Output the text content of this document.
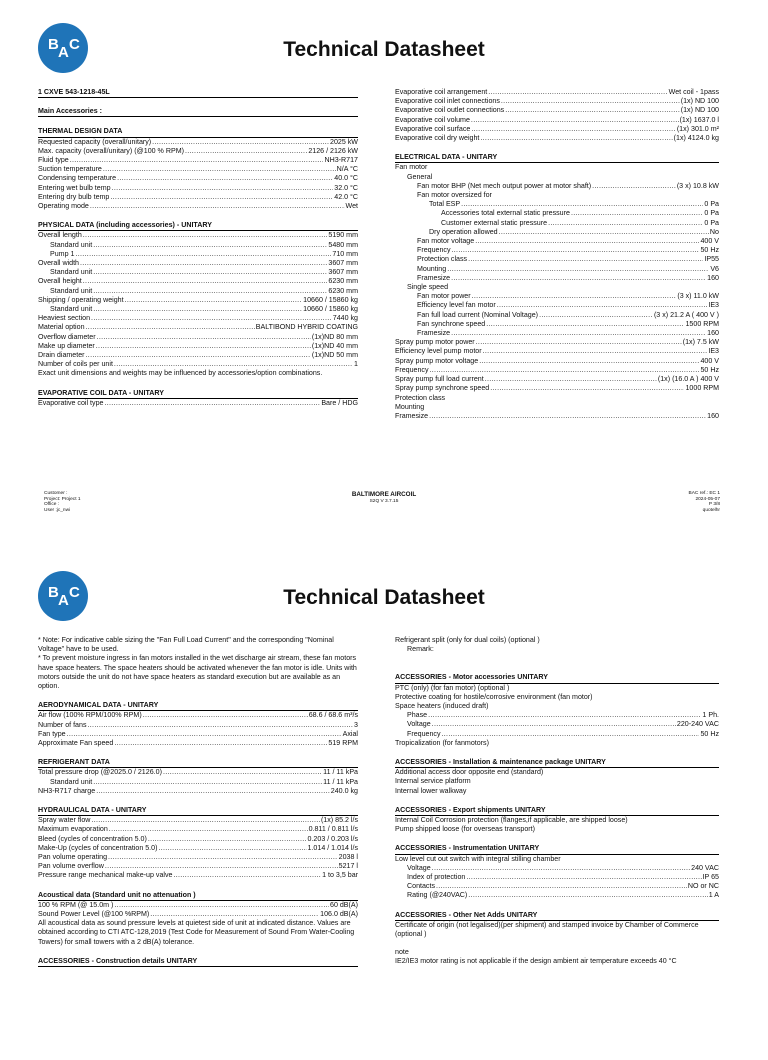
B A C	Technical Datasheet
1 CXVE 543-1218-45L
Main Accessories :
THERMAL DESIGN DATA
Requested capacity (overall/unitary) .....	2025 kW
Max. capacity (overall/unitary) (@100 % RPM) .....	2126 / 2126 kW
Fluid type .....	NH3-R717
Suction temperature .....	N/A °C
Condensing temperature .....	40.0 °C
Entering wet bulb temp .....	32.0 °C
Entering dry bulb temp .....	42.0 °C
Operating mode .....	Wet
PHYSICAL DATA (including accessories) - UNITARY
Overall length .....	5190 mm
Standard unit .....	5480 mm
Pump 1 .....	710 mm
Overall width .....	3607 mm
Standard unit .....	3607 mm
Overall height .....	6230 mm
Standard unit .....	6230 mm
Shipping / operating weight .....	10660 / 15860 kg
Standard unit .....	10660 / 15860 kg
Heaviest section .....	7440 kg
Material option .....	BALTIBOND HYBRID COATING
Overflow diameter .....	(1x)ND 80 mm
Make up diameter .....	(1x)ND 40 mm
Drain diameter .....	(1x)ND 50 mm
Number of coils per unit .....	1
Exact unit dimensions and weights may be influenced by accessories/option combinations.
EVAPORATIVE COIL DATA - UNITARY
Evaporative coil type .....	Bare / HDG
Evaporative coil arrangement .....	Wet coil - 1pass
Evaporative coil inlet connections .....	(1x) ND 100
Evaporative coil outlet connections .....	(1x) ND 100
Evaporative coil volume .....	(1x) 1637.0 l
Evaporative coil surface .....	(1x) 301.0 m²
Evaporative coil dry weight .....	(1x) 4124.0 kg
ELECTRICAL DATA - UNITARY
Fan motor
General
Fan motor BHP (Net mech output power at motor shaft) .....	(3 x) 10.8 kW
Fan motor oversized for
Total ESP .....	0 Pa
Accessories total external static pressure .....	0 Pa
Customer external static pressure .....	0 Pa
Dry operation allowed .....	No
Fan motor voltage .....	400 V
Frequency .....	50 Hz
Protection class .....	IP55
Mounting .....	V6
Framesize .....	160
Single speed
Fan motor power .....	(3 x) 11.0 kW
Efficiency level fan motor .....	IE3
Fan full load current (Nominal Voltage) .....	(3 x) 21.2 A ( 400 V )
Fan synchrone speed .....	1500 RPM
Framesize .....	160
Spray pump motor power .....	(1x) 7.5 kW
Efficiency level pump motor .....	IE3
Spray pump motor voltage .....	400 V
Frequency .....	50 Hz
Spray pump full load current .....	(1x) (16.0 A ) 400 V
Spray pump synchrone speed .....	1000 RPM
Protection class
Mounting
Framesize .....	160
Customer :
Project: Project 1
Office :
User :jc_nwi
BALTIMORE AIRCOIL
S2Q V 3.7.15
BAC ref.: EC 1
2024-05-07
P 3/8
quotelhr
B A C	Technical Datasheet
* Note: For indicative cable sizing the "Fan Full Load Current" and the corresponding "Nominal Voltage" have to be used.
* To prevent moisture ingress in fan motors installed in the wet discharge air stream, these fan motors have space heaters. The space heaters should be activated whenever the fan motor is idle. Units with motors outside the unit do not have space heaters as standard execution but are available as an option.
AERODYNAMICAL DATA - UNITARY
Air flow (100% RPM/100% RPM) .....	68.6 / 68.6 m³/s
Number of fans .....	3
Fan type .....	Axial
Approximate Fan speed .....	519 RPM
REFRIGERANT DATA
Total pressure drop (@2025.0 / 2126.0) .....	11 / 11 kPa
Standard unit .....	11 / 11 kPa
NH3-R717 charge .....	240.0 kg
HYDRAULICAL DATA - UNITARY
Spray water flow .....	(1x) 85.2 l/s
Maximum evaporation .....	0.811 / 0.811 l/s
Bleed (cycles of concentration 5.0) .....	0.203 / 0.203 l/s
Make-Up (cycles of concentration 5.0) .....	1.014 / 1.014 l/s
Pan volume operating .....	2038 l
Pan volume overflow .....	5217 l
Pressure range mechanical make-up valve .....	1 to 3,5 bar
Acoustical data (Standard unit no attenuation )
100 % RPM (@ 15.0m ) .....	60 dB(A)
Sound Power Level (@100 %RPM) .....	106.0 dB(A)
All acoustical data as sound pressure levels at quietest side of unit at indicated distance. Values are obtained according to CTI ATC-128,2019 (Test Code for Measurement of Sound From Water-Cooling Towers) for small towers with a 2 dB(A) tolerance.
ACCESSORIES - Construction details UNITARY
Refrigerant split (only for dual coils) (optional )
Remark:
ACCESSORIES - Motor accessories UNITARY
PTC (only) (for fan motor) (optional )
Protective coating for hostile/corrosive environment (fan motor)
Space heaters (induced draft)
Phase .....	1 Ph.
Voltage .....	220-240 VAC
Frequency .....	50 Hz
Tropicalization (for fanmotors)
ACCESSORIES - Installation & maintenance package UNITARY
Additional access door opposite end (standard)
Internal service platform
Internal lower walkway
ACCESSORIES - Export shipments UNITARY
Internal Coil Corrosion protection (flanges,if applicable, are shipped loose)
Pump shipped loose (for overseas transport)
ACCESSORIES - Instrumentation UNITARY
Low level cut out switch with integral stilling chamber
Voltage .....	240 VAC
Index of protection .....	IP 65
Contacts .....	NO or NC
Rating (@240VAC) .....	1 A
ACCESSORIES - Other Net Adds UNITARY
Certificate of origin (not legalised)(per shipment) and stamped invoice by Chamber of Commerce (optional )
note
IE2/IE3 motor rating is not applicable if the design ambient air temperature exceeds 40 °C
